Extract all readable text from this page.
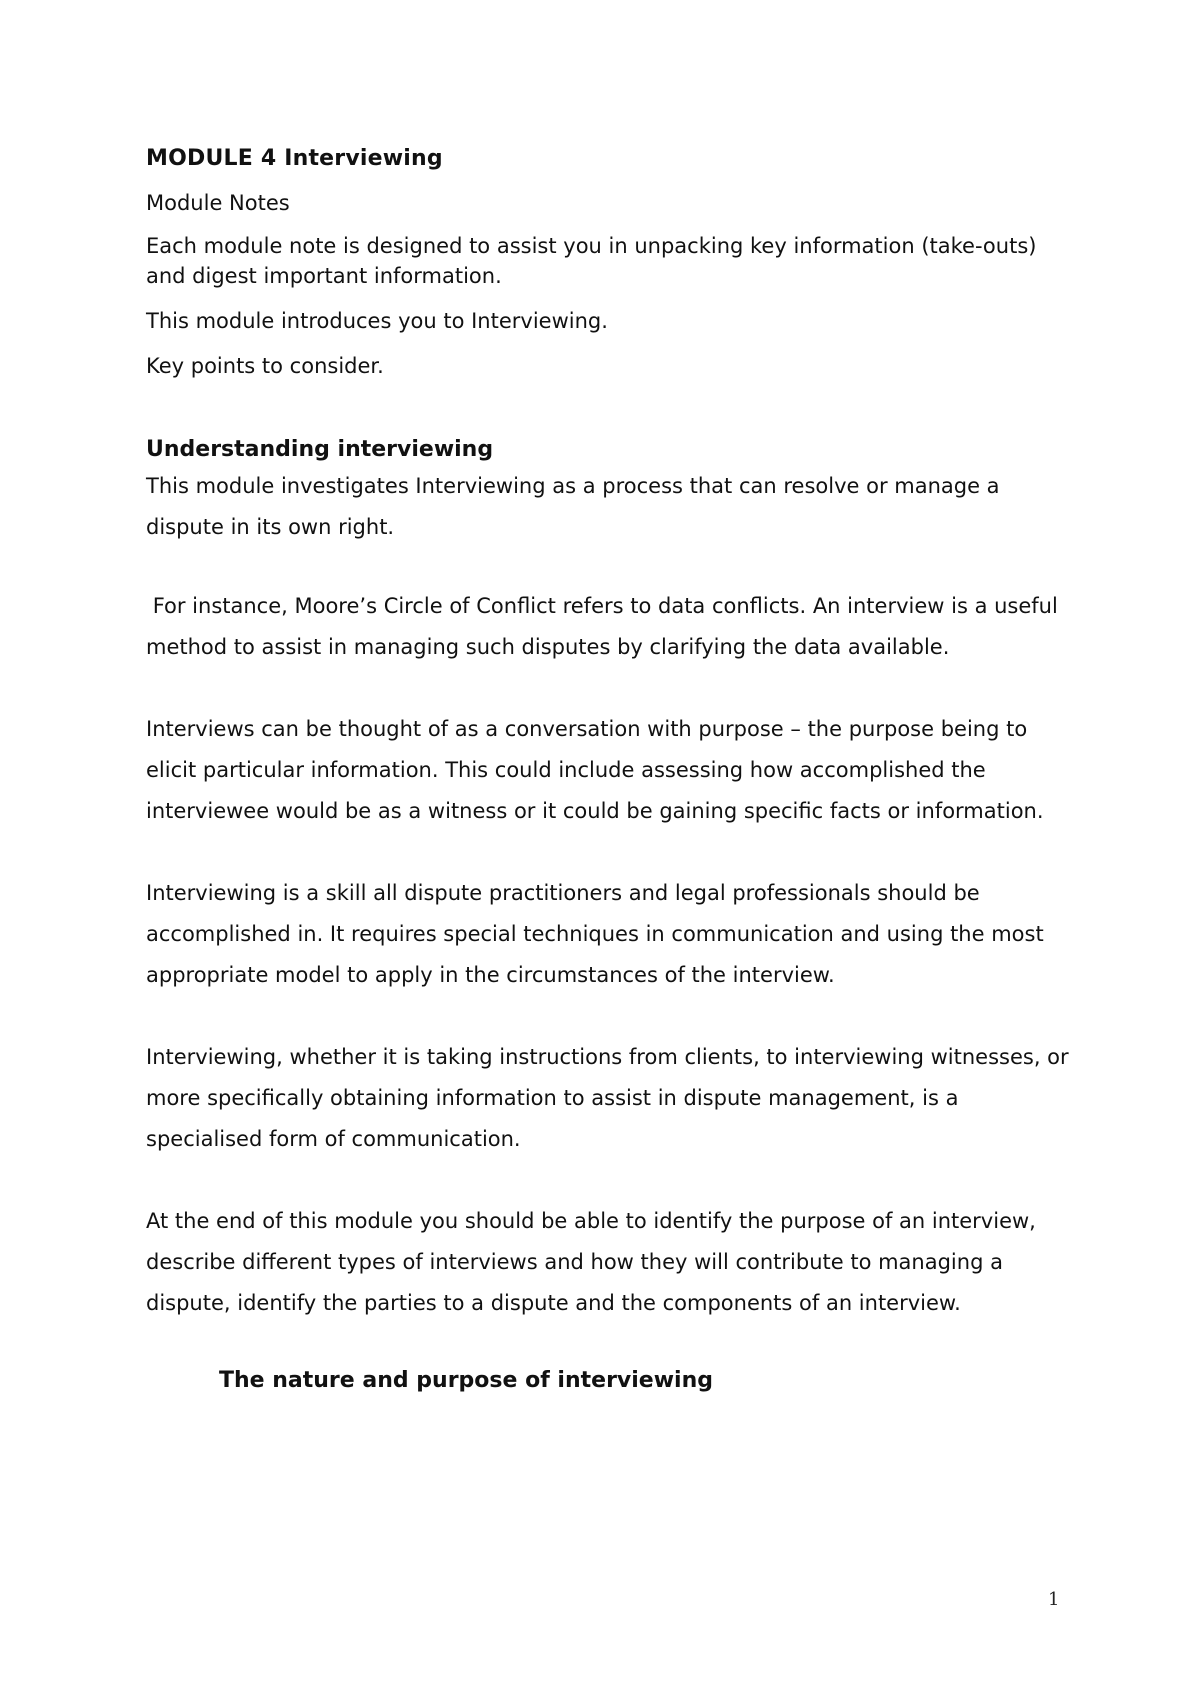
MODULE 4 Interviewing
Module Notes
Each module note is designed to assist you in unpacking key information (take-outs) and digest important information.
This module introduces you to Interviewing.
Key points to consider.
Understanding interviewing
This module investigates Interviewing as a process that can resolve or manage a dispute in its own right.
For instance, Moore’s Circle of Conflict refers to data conflicts. An interview is a useful method to assist in managing such disputes by clarifying the data available.
Interviews can be thought of as a conversation with purpose – the purpose being to elicit particular information. This could include assessing how accomplished the interviewee would be as a witness or it could be gaining specific facts or information.
Interviewing is a skill all dispute practitioners and legal professionals should be accomplished in. It requires special techniques in communication and using the most appropriate model to apply in the circumstances of the interview.
Interviewing, whether it is taking instructions from clients, to interviewing witnesses, or more specifically obtaining information to assist in dispute management, is a specialised form of communication.
At the end of this module you should be able to identify the purpose of an interview, describe different types of interviews and how they will contribute to managing a dispute, identify the parties to a dispute and the components of an interview.
The nature and purpose of interviewing
1
